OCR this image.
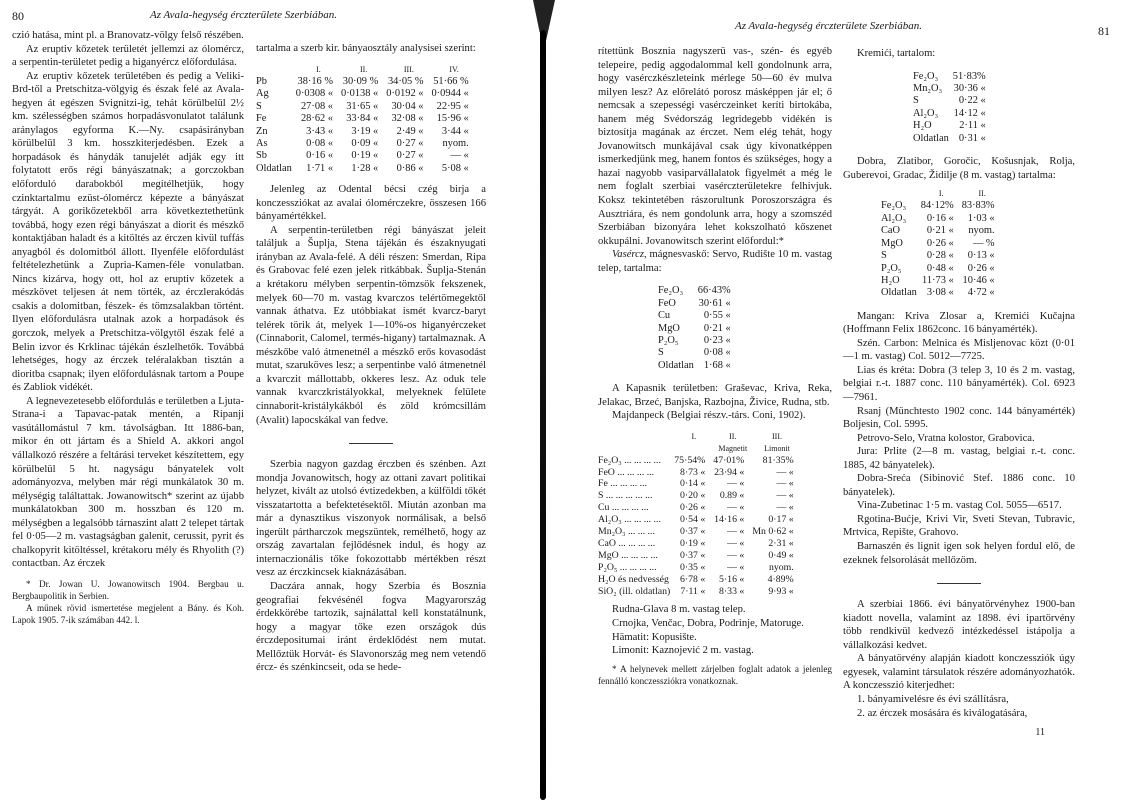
80	Az Avala-hegység érczterülete Szerbiában.

czió hatása, mint pl. a Branovatz-völgy felső részében.

Az eruptiv kőzetek területét jellemzi az ólomércz, a serpentin-területet pedig a higanyércz előfordulása.

Az eruptiv kőzetek területében és pedig a Veliki-Brd-től a Pretschitza-völgyig és észak felé az Avala-hegyen át egészen Svignitzi-ig, tehát körülbelül 2½ km. szélességben számos horpadásvonulatot találunk aránylagos egyforma K.—Ny. csapásirányban körülbelül 3 km. hosszkiterjedésben. Ezek a horpadások és hánydák tanujelét adják egy itt folytatott erős régi bányászatnak; a gorczokban előforduló darabokból megítélhetjük, hogy czinktartalmu ezüst-ólomércz képezte a bányászat tárgyát. A gorikőzetekből arra következtethetünk továbbá, hogy ezen régi bányászat a diorit és mészkő kontaktjában haladt és a kitöltés az érczen kivül tuffás anyagból és dolomitból állott. Ilyenféle előfordulást feltételezhetünk a Zupria-Kamen-féle vonulatban. Nincs kizárva, hogy ott, hol az eruptiv kőzetek a mészkövet teljesen át nem törték, az érczlerakódás csakis a dolomitban, fészek- és tömzsalakban történt. Ilyen előfordulásra utalnak azok a horpadások és gorczok, melyek a Pretschitza-völgytől észak felé a Belin izvor és Krklinac tájékán észlelhetők. Továbbá lehetséges, hogy az érczek teléralakban tisztán a dioritba csapnak; ilyen előfordulásnak tartom a Poupe és Zabliok vidékét.

A legnevezetesebb előfordulás e területben a Ljuta-Strana-i a Tapavac-patak mentén, a Ripanji vasútállomástul 7 km. távolságban. Itt 1886-ban, mikor én ott jártam és a Shield A. akkori angol vállalkozó részére a feltárási terveket készítettem, egy körülbelül 5 ht. nagyságu bányatelek volt adományozva, melyben már régi munkálatok 30 m. mélységig találtattak. Jowanowitsch* szerint az újabb munkálatokban 300 m. hosszban és 120 m. mélységben a legalsóbb tárnaszint alatt 2 telepet tártak fel 0·05—2 m. vastagságban galenit, cerussit, pyrit és chalkopyrit kitöltéssel, krétakoru mély és Rhyolith (?) contactban. Az érczek

* Dr. Jowan U. Jowanowitsch 1904. Bergbau u. Bergbaupolitik in Serbien.

A műnek rövid ismertetése megjelent a Bány. és Koh. Lapok 1905. 7-ik számában 442. l.

tartalma a szerb kir. bányaosztály analysisei szerint:

	I.	II.	III.	IV.
Pb	38·16 %	30·09 %	34·05 %	51·66 %
Ag	0·0308 «	0·0138 «	0·0192 «	0·0944 «
S	27·08 «	31·65 «	30·04 «	22·95 «
Fe	28·62 «	33·84 «	32·08 «	15·96 «
Zn	3·43 «	3·19 «	2·49 «	3·44 «
As	0·08 «	0·09 «	0·27 «	nyom.
Sb	0·16 «	0·19 «	0·27 «	— «
Oldatlan	1·71 «	1·28 «	0·86 «	5·08 «

Jelenleg az Odental bécsi czég birja a konczessziókat az avalai ólomérczekre, összesen 166 bányamértékkel.

A serpentin-területben régi bányászat jeleit találjuk a Šuplja, Stena tájékán és északnyugati irányban az Avala-felé. A déli részen: Smerdan, Ripa és Grabovac felé ezen jelek ritkábbak. Šuplja-Stenán a krétakoru mélyben serpentin-tömzsök fekszenek, melyek 60—70 m. vastag kvarczos telértömegektől vannak áthatva. Ez utóbbiakat ismét kvarcz-baryt telérek törik át, melyek 1—10%-os higanyérczeket (Cinnaborit, Calomel, termés-higany) tartalmaznak. A mészkőbe való átmenetnél a mészkő erős kovasodást mutat, szaruköves lesz; a serpentinbe való átmenetnél a kvarczit mállottabb, okkeres lesz. Az oduk tele vannak kvarczkristályokkal, melyeknek felülete cinnaborit-kristálykákból és zöld krómcsillám (Avalit) lapocskákal van fedve.

Szerbia nagyon gazdag érczben és szénben. Azt mondja Jovanowitsch, hogy az ottani zavart politikai helyzet, kivált az utolsó évtizedekben, a külföldi tőkét visszatartotta a befektetésektől. Miután azonban ma már a dynasztikus viszonyok normálisak, a belső ingerült pártharczok megszüntek, remélhető, hogy az ország zavartalan fejlődésnek indul, és hogy az internaczionális tőke fokozottabb mértékben részt vesz az érczkincsek kiaknázásában.

Daczára annak, hogy Szerbia és Bosznia geografiai fekvésénél fogva Magyarország érdekkörébe tartozik, sajnálattal kell konstatálnunk, hogy a magyar tőke ezen országok dús érczdepositumai iránt érdeklődést nem mutat. Mellőztük Horvát- és Slavonország meg nem vetendő ércz- és szénkincseit, oda se hede-

Az Avala-hegység érczterülete Szerbiában.	81

rítettünk Bosznia nagyszerü vas-, szén- és egyéb telepeire, pedig aggodalommal kell gondolnunk arra, hogy vasérczkészleteink mérlege 50—60 év mulva milyen lesz? Az előrelátó porosz másképpen jár el; ő nemcsak a szepességi vasérczeinket keríti birtokába, hanem még Svédország legridegebb vidékén is biztosítja magának az érczet. Nem elég tehát, hogy Jovanowitsch munkájával csak úgy kivonatképpen ismerkedjünk meg, hanem fontos és szükséges, hogy a hazai nagyobb vasiparvállalatok figyelmét a még le nem foglalt szerbiai vasérczterületekre felhivjuk. Koksz tekintetében rászorultunk Poroszországra és Ausztriára, és nem gondolunk arra, hogy a szomszéd Szerbiában bizonyára lehet kokszolható kőszenet okkupálni. Jovanowitsch szerint előfordul:*

Vasércz, mágnesvaskő: Servo, Rudište 10 m. vastag telep, tartalma:

Fe₂O₃	66·43%
FeO	30·61 «
Cu	0·55 «
MgO	0·21 «
P₂O₅	0·23 «
S	0·08 «
Oldatlan	1·68 «

A Kapasnik területben: Graševac, Kriva, Reka, Jelakac, Brzeć, Banjska, Razbojna, Živice, Rudna, stb.

Majdanpeck (Belgiai részv.-társ. Coni, 1902).

	I.	II.	III.
		Magnetit	Limonit
Fe₂O₃ ... ... ... ...	75·54%	47·01%	81·35%
FeO ... ... ... ...	8·73 «	23·94 «	— «
Fe ... ... ... ...	0·14 «	— «	— «
S ... ... ... ... ...	0·20 «	0.89 «	— «
Cu ... ... ... ...	0·26 «	— «	— «
Al₂O₃ ... ... ... ...	0·54 «	14·16 «	0·17 «
Mn₂O₃ ... ... ...	0·37 «	— «	Mn 0·62 «
CaO ... ... ... ...	0·19 «	— «	2·31 «
MgO ... ... ... ...	0·37 «	— «	0·49 «
P₂O₅ ... ... ... ...	0·35 «	— «	nyom.
H₂O és nedvesség	6·78 «	5·16 «	4·89%
SiO₂ (ill. oldatlan)	7·11 «	8·33 «	9·93 «

Rudna-Glava 8 m. vastag telep.

Crnojka, Venčac, Dobra, Podrinje, Matoruge.

Hämatit: Kopusište.

Limonit: Kaznojević 2 m. vastag.

* A helynevek mellett zárjelben foglalt adatok a jelenleg fennálló konczessziókra vonatkoznak.

Kremići, tartalom:

Fe₂O₃	51·83%
Mn₂O₃	30·36 «
S	0·22 «
Al₂O₃	14·12 «
H₂O	2·11 «
Oldatlan	0·31 «

Dobra, Zlatibor, Goročic, Košusnjak, Rolja, Guberevoi, Gradac, Židilje (8 m. vastag) tartalma:

	I.	II.
Fe₂O₃	84·12%	83·83%
Al₂O₃	0·16 «	1·03 «
CaO	0·21 «	nyom.
MgO	0·26 «	— %
S	0·28 «	0·13 «
P₂O₅	0·48 «	0·26 «
H₂O	11·73 «	10·46 «
Oldatlan	3·08 «	4·72 «

Mangan: Kriva Zlosar a, Kremići Kučajna (Hoffmann Felix 1862conc. 16 bányamérték).

Szén. Carbon: Melnica és Misljenovac közt (0·01—1 m. vastag) Col. 5012—7725.

Lias és kréta: Dobra (3 telep 3, 10 és 2 m. vastag, belgiai r.-t. 1887 conc. 110 bányamérték). Col. 6923—7961.

Rsanj (Münchtesto 1902 conc. 144 bányamérték) Boljesin, Col. 5995.

Petrovo-Selo, Vratna kolostor, Grabovica.

Jura: Prlite (2—8 m. vastag, belgiai r.-t. conc. 1885, 42 bányatelek).

Dobra-Sreća (Sibinović Stef. 1886 conc. 10 bányatelek).

Vina-Zubetinac 1·5 m. vastag Col. 5055—6517.

Rgotina-Bućje, Krivi Vir, Sveti Stevan, Tubravic, Mrtvica, Repište, Grahovo.

Barnaszén és lignit igen sok helyen fordul elő, de ezeknek felsorolását mellőzöm.

A szerbiai 1866. évi bányatörvényhez 1900-ban kiadott novella, valamint az 1898. évi ipartörvény több rendkivül kedvező intézkedéssel istápolja a vállalkozási kedvet.

A bányatörvény alapján kiadott konczessziók úgy egyesek, valamint társulatok részére adományozhatók. A konczesszió kiterjedhet:

1. bányamivelésre és évi szállításra,

2. az érczek mosására és kiválogatására,

11
